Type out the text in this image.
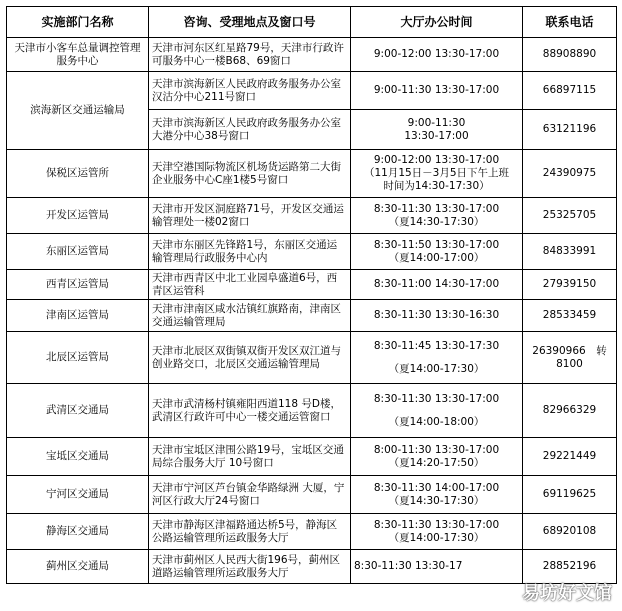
实施部门名称	咨询、受理地点及窗口号	大厅办公时间	联系电话
天津市小客车总量调控管理服务中心	天津市河东区红星路79号，天津市行政许可服务中心一楼B68、69窗口	9:00-12:00 13:30-17:00	88908890

滨海新区交通运输局	天津市滨海新区人民政府政务服务办公室汉沽分中心211号窗口	9:00-11:30 13:30-17:00	66897115

	天津市滨海新区人民政府政务服务办公室大港分中心38号窗口	9:00-11:30
13:30-17:00	63121196

保税区运管所	天津空港国际物流区机场货运路第二大街企业服务中心C座1楼5号窗口	9:00-12:00 13:30-17:00
（11月15日－3月5日下午上班
时间为14:30-17:30）	24390975

开发区运管局	天津市开发区洞庭路71号，开发区交通运输管理处一楼02窗口	8:30-11:30 13:30-17:00
（夏14:30-17:30）	25325705

东丽区运管局	天津市东丽区先锋路1号，东丽区交通运输管理局行政服务中心内	8:30-11:50 13:30-17:00
（夏14:00-17:00）	84833991

西青区运管局	天津市西青区中北工业园阜盛道6号，西青区运管科	8:30-11:00 14:30-17:00	27939150

津南区运管局	天津市津南区咸水沽镇红旗路南，津南区交通运输管理局	8:30-11:30 13:30-16:30	28533459

北辰区运管局	天津市北辰区双街镇双街开发区双江道与创业路交口，北辰区交通运输管理局	8:30-11:45 13:30-17:30
（夏14:00-17:30）	26390966　转
8100

武清区交通局	天津市武清杨村镇雍阳西道118 号D楼，武清区行政许可中心一楼交通运管窗口	8:30-11:30 13:30-17:00
（夏14:00-18:00）	82966329

宝坻区交通局	天津市宝坻区津围公路19号，宝坻区交通局综合服务大厅 10号窗口	8:00-11:30 13:30-17:00
（夏14:20-17:50）	29221449

宁河区交通局	天津市宁河区芦台镇金华路绿洲 大厦，宁河区行政大厅24号窗口	8:30-11:30 14:00-17:00
（夏14:30-17:30）	69119625

静海区交通局	天津市静海区津福路通达桥5号，静海区公路运输管理所运政服务大厅	8:30-11:30 13:30-17:00
（夏14:00-17:30）	68920108

蓟州区交通局	天津市蓟州区人民西大街196号，蓟州区道路运输管理所运政服务大厅	8:30-11:30 13:30-17	28852196
易坊好文馆
